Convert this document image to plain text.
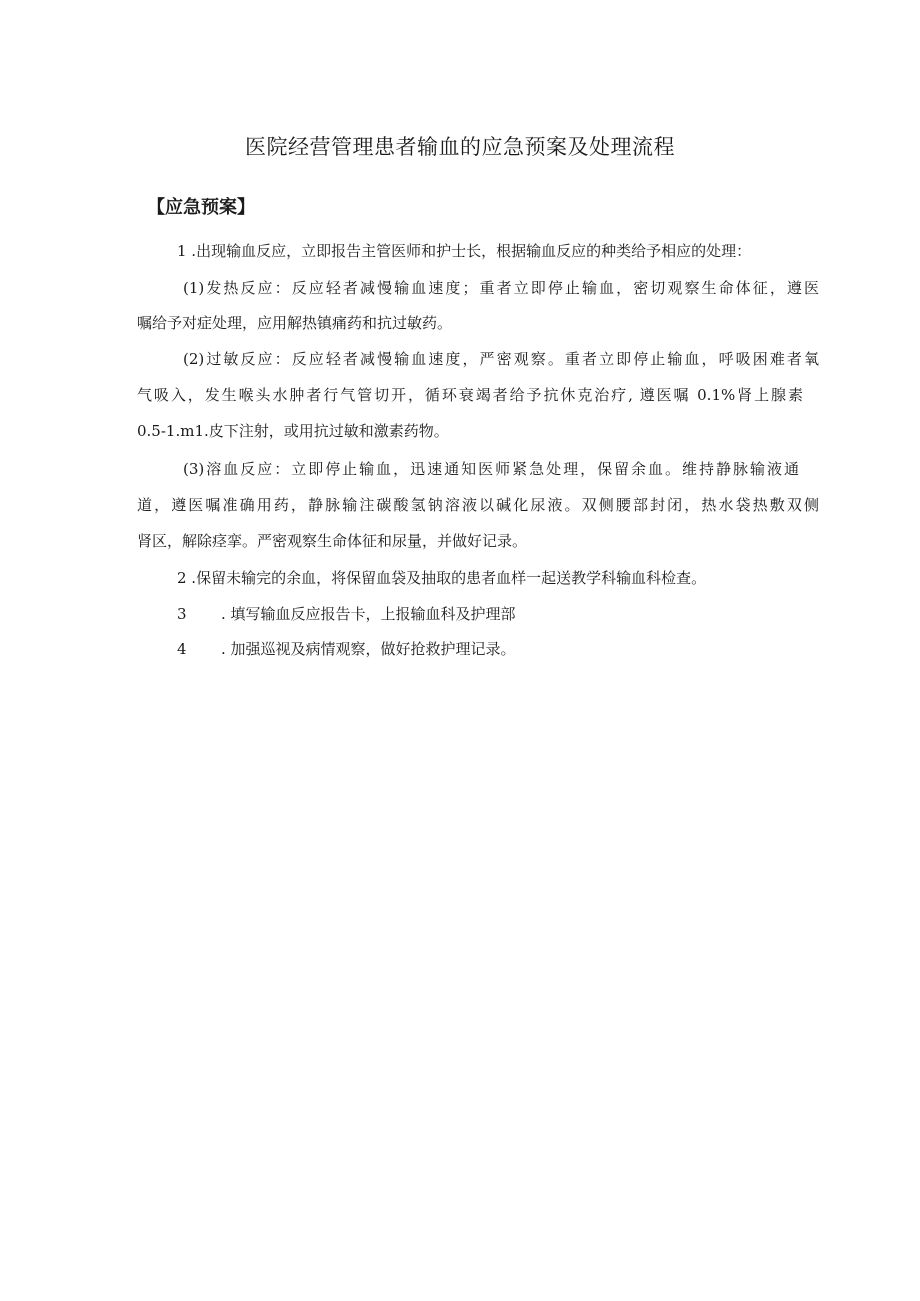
医院经营管理患者输血的应急预案及处理流程
【应急预案】
1 .出现输血反应，立即报告主管医师和护士长，根据输血反应的种类给予相应的处理：
(1)发热反应：反应轻者减慢输血速度；重者立即停止输血，密切观察生命体征，遵医
嘱给予对症处理，应用解热镇痛药和抗过敏药。
(2)过敏反应：反应轻者减慢输血速度，严密观察。重者立即停止输血，呼吸困难者氧
气吸入，发生喉头水肿者行气管切开，循环衰竭者给予抗休克治疗, 遵医嘱 0.1%肾上腺素
0.5-1.m1.皮下注射，或用抗过敏和激素药物。
(3)溶血反应：立即停止输血，迅速通知医师紧急处理，保留余血。维持静脉输液通
道，遵医嘱准确用药，静脉输注碳酸氢钠溶液以碱化尿液。双侧腰部封闭，热水袋热敷双侧
肾区，解除痉挛。严密观察生命体征和尿量，并做好记录。
2 .保留未输完的余血，将保留血袋及抽取的患者血样一起送教学科输血科检查。
3 . 填写输血反应报告卡，上报输血科及护理部
4 . 加强巡视及病情观察，做好抢救护理记录。
